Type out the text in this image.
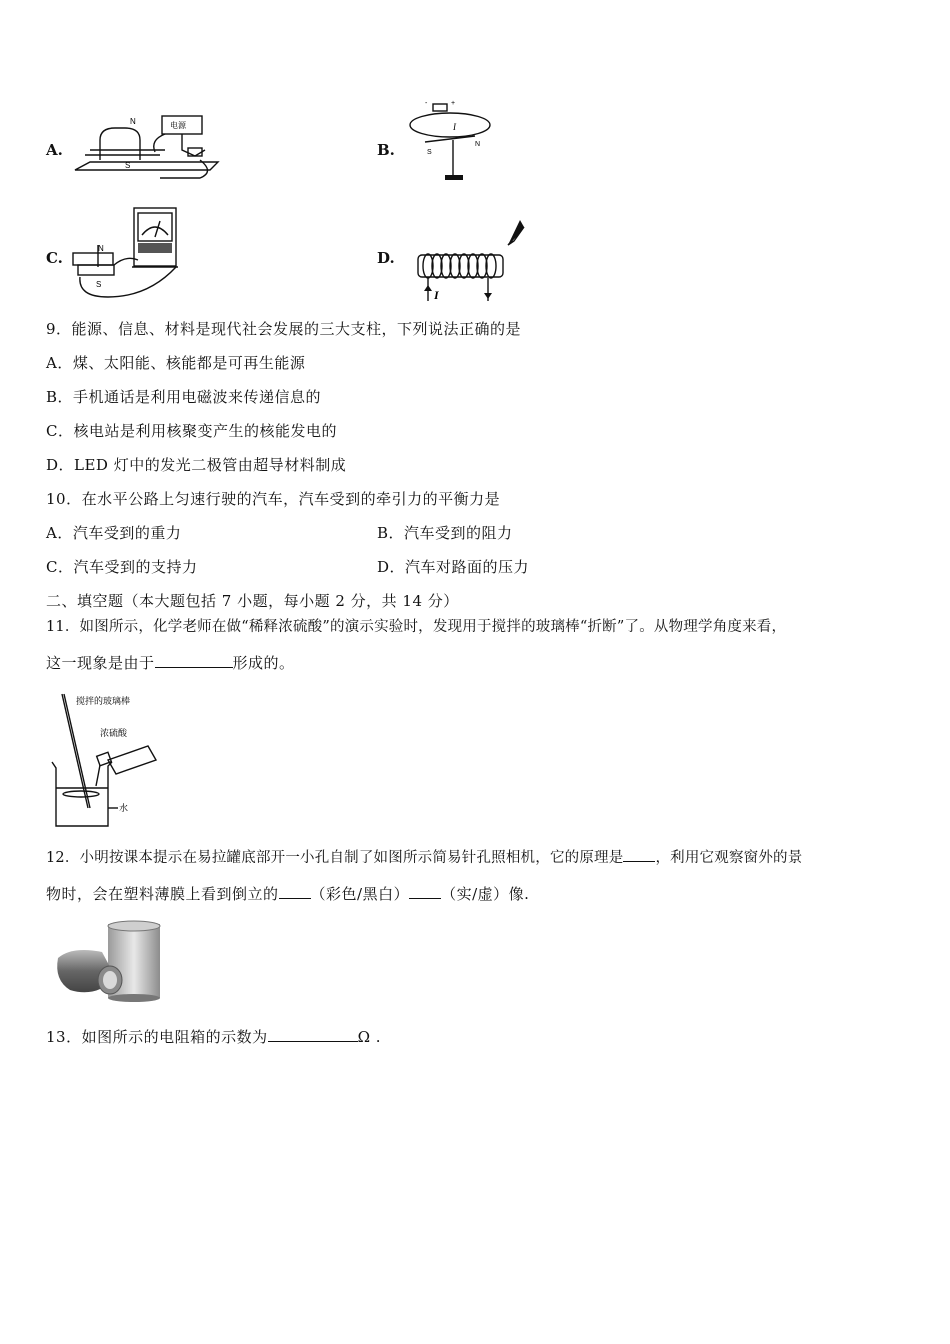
A.
N
S
电源
B.
+
-
I
S
N
C.
N
S
D.
I
9．能源、信息、材料是现代社会发展的三大支柱，下列说法正确的是
A．煤、太阳能、核能都是可再生能源
B．手机通话是利用电磁波来传递信息的
C．核电站是利用核聚变产生的核能发电的
D．LED 灯中的发光二极管由超导材料制成
10．在水平公路上匀速行驶的汽车，汽车受到的牵引力的平衡力是
A．汽车受到的重力	B．汽车受到的阻力
C．汽车受到的支持力	D．汽车对路面的压力
二、填空题（本大题包括 7 小题，每小题 2 分，共 14 分）
11．如图所示，化学老师在做“稀释浓硫酸”的演示实验时，发现用于搅拌的玻璃棒“折断”了。从物理学角度来看，
这一现象是由于	形成的。
搅拌的玻璃棒
浓硫酸
水
12．小明按课本提示在易拉罐底部开一小孔自制了如图所示简易针孔照相机，它的原理是 ，利用它观察窗外的景
物时，会在塑料薄膜上看到倒立的 （彩色/黑白） （实/虚）像.
13．如图所示的电阻箱的示数为	Ω .
